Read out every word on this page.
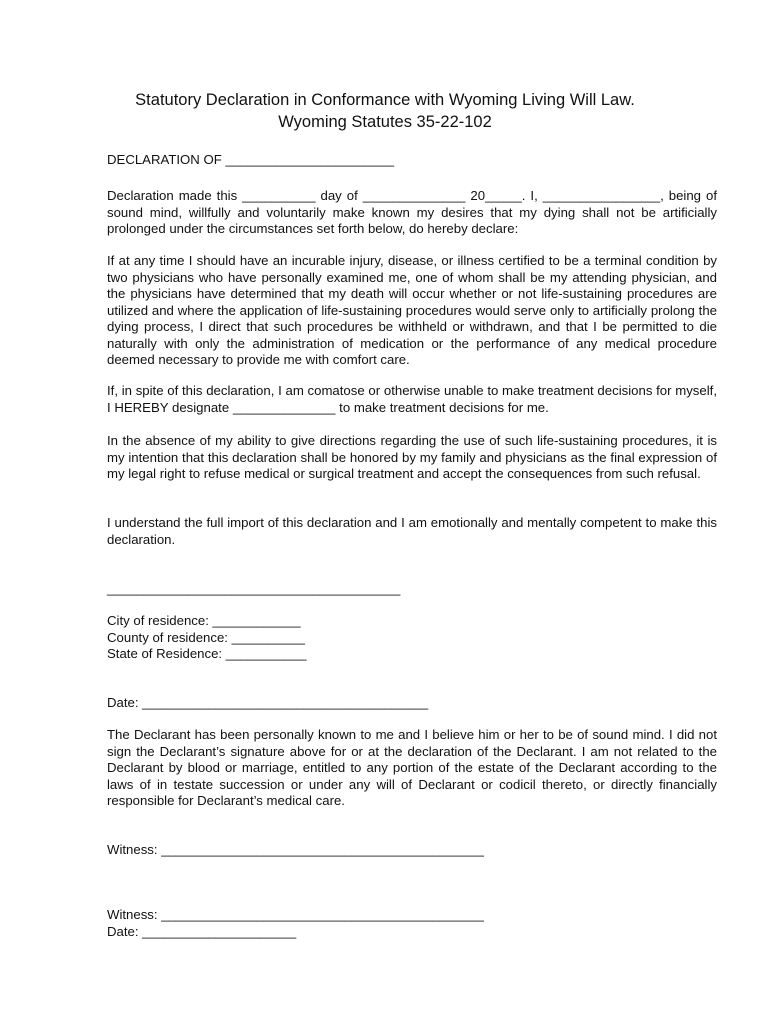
Statutory Declaration in Conformance with Wyoming Living Will Law.
Wyoming Statutes 35-22-102

DECLARATION OF _______________________

Declaration made this __________ day of ______________ 20_____. I, ________________, being of sound mind, willfully and voluntarily make known my desires that my dying shall not be artificially prolonged under the circumstances set forth below, do hereby declare:

If at any time I should have an incurable injury, disease, or illness certified to be a terminal condition by two physicians who have personally examined me, one of whom shall be my attending physician, and the physicians have determined that my death will occur whether or not life-sustaining procedures are utilized and where the application of life-sustaining procedures would serve only to artificially prolong the dying process, I direct that such procedures be withheld or withdrawn, and that I be permitted to die naturally with only the administration of medication or the performance of any medical procedure deemed necessary to provide me with comfort care.

If, in spite of this declaration, I am comatose or otherwise unable to make treatment decisions for myself, I HEREBY designate ______________ to make treatment decisions for me.

In the absence of my ability to give directions regarding the use of such life-sustaining procedures, it is my intention that this declaration shall be honored by my family and physicians as the final expression of my legal right to refuse medical or surgical treatment and accept the consequences from such refusal.

I understand the full import of this declaration and I am emotionally and mentally competent to make this declaration.

________________________________________

City of residence: ____________
County of residence: __________
State of Residence: ___________

Date: _______________________________________

The Declarant has been personally known to me and I believe him or her to be of sound mind. I did not sign the Declarant’s signature above for or at the declaration of the Declarant. I am not related to the Declarant by blood or marriage, entitled to any portion of the estate of the Declarant according to the laws of in testate succession or under any will of Declarant or codicil thereto, or directly financially responsible for Declarant’s medical care.

Witness: ____________________________________________

Witness: ____________________________________________
Date: _____________________
